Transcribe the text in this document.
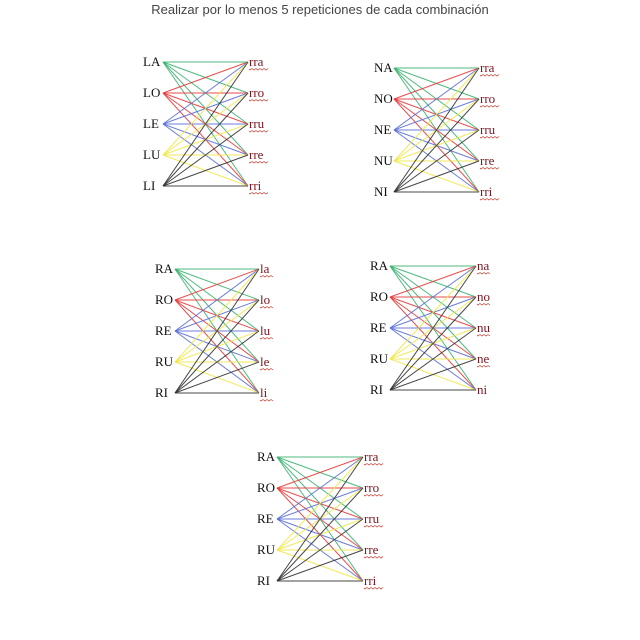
Realizar por lo menos 5 repeticiones de cada combinación
LA
LO
LE
LU
LI
rra
rro
rru
rre
rri
NA
NO
NE
NU
NI
rra
rro
rru
rre
rri
RA
RO
RE
RU
RI
la
lo
lu
le
li
RA
RO
RE
RU
RI
na
no
nu
ne
ni
RA
RO
RE
RU
RI
rra
rro
rru
rre
rri
